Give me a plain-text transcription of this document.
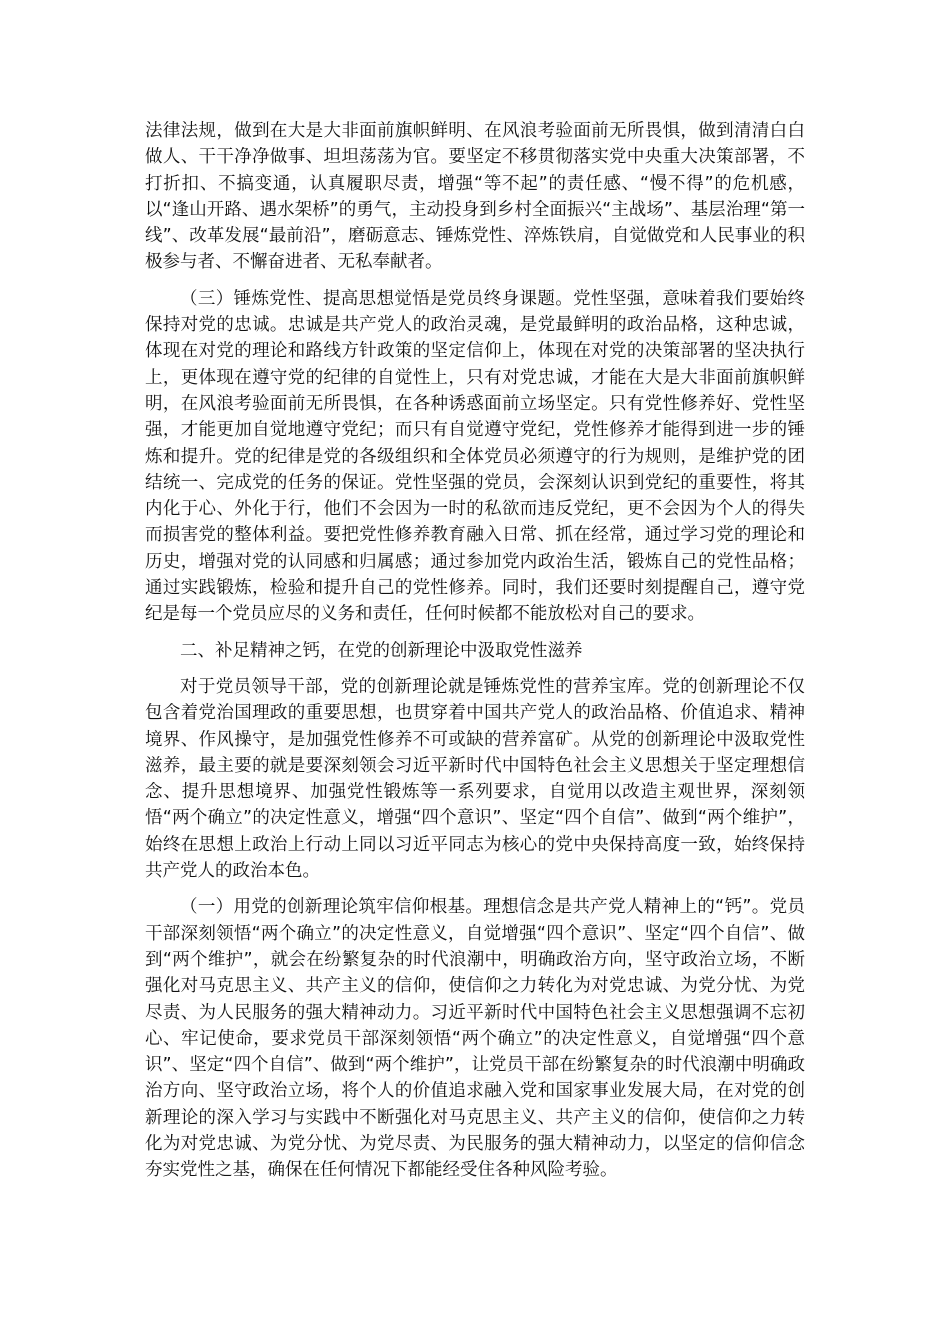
法律法规，做到在大是大非面前旗帜鲜明、在风浪考验面前无所畏惧，做到清清白白做人、干干净净做事、坦坦荡荡为官。要坚定不移贯彻落实党中央重大决策部署，不打折扣、不搞变通，认真履职尽责，增强“等不起”的责任感、“慢不得”的危机感，以“逢山开路、遇水架桥”的勇气，主动投身到乡村全面振兴“主战场”、基层治理“第一线”、改革发展“最前沿”，磨砺意志、锤炼党性、淬炼铁肩，自觉做党和人民事业的积极参与者、不懈奋进者、无私奉献者。

（三）锤炼党性、提高思想觉悟是党员终身课题。党性坚强，意味着我们要始终保持对党的忠诚。忠诚是共产党人的政治灵魂，是党最鲜明的政治品格，这种忠诚，体现在对党的理论和路线方针政策的坚定信仰上，体现在对党的决策部署的坚决执行上，更体现在遵守党的纪律的自觉性上，只有对党忠诚，才能在大是大非面前旗帜鲜明，在风浪考验面前无所畏惧，在各种诱惑面前立场坚定。只有党性修养好、党性坚强，才能更加自觉地遵守党纪；而只有自觉遵守党纪，党性修养才能得到进一步的锤炼和提升。党的纪律是党的各级组织和全体党员必须遵守的行为规则，是维护党的团结统一、完成党的任务的保证。党性坚强的党员，会深刻认识到党纪的重要性，将其内化于心、外化于行，他们不会因为一时的私欲而违反党纪，更不会因为个人的得失而损害党的整体利益。要把党性修养教育融入日常、抓在经常，通过学习党的理论和历史，增强对党的认同感和归属感；通过参加党内政治生活，锻炼自己的党性品格；通过实践锻炼，检验和提升自己的党性修养。同时，我们还要时刻提醒自己，遵守党纪是每一个党员应尽的义务和责任，任何时候都不能放松对自己的要求。

二、补足精神之钙，在党的创新理论中汲取党性滋养

对于党员领导干部，党的创新理论就是锤炼党性的营养宝库。党的创新理论不仅包含着党治国理政的重要思想，也贯穿着中国共产党人的政治品格、价值追求、精神境界、作风操守，是加强党性修养不可或缺的营养富矿。从党的创新理论中汲取党性滋养，最主要的就是要深刻领会习近平新时代中国特色社会主义思想关于坚定理想信念、提升思想境界、加强党性锻炼等一系列要求，自觉用以改造主观世界，深刻领悟“两个确立”的决定性意义，增强“四个意识”、坚定“四个自信”、做到“两个维护”，始终在思想上政治上行动上同以习近平同志为核心的党中央保持高度一致，始终保持共产党人的政治本色。

（一）用党的创新理论筑牢信仰根基。理想信念是共产党人精神上的“钙”。党员干部深刻领悟“两个确立”的决定性意义，自觉增强“四个意识”、坚定“四个自信”、做到“两个维护”，就会在纷繁复杂的时代浪潮中，明确政治方向，坚守政治立场，不断强化对马克思主义、共产主义的信仰，使信仰之力转化为对党忠诚、为党分忧、为党尽责、为人民服务的强大精神动力。习近平新时代中国特色社会主义思想强调不忘初心、牢记使命，要求党员干部深刻领悟“两个确立”的决定性意义，自觉增强“四个意识”、坚定“四个自信”、做到“两个维护”，让党员干部在纷繁复杂的时代浪潮中明确政治方向、坚守政治立场，将个人的价值追求融入党和国家事业发展大局，在对党的创新理论的深入学习与实践中不断强化对马克思主义、共产主义的信仰，使信仰之力转化为对党忠诚、为党分忧、为党尽责、为民服务的强大精神动力，以坚定的信仰信念夯实党性之基，确保在任何情况下都能经受住各种风险考验。
